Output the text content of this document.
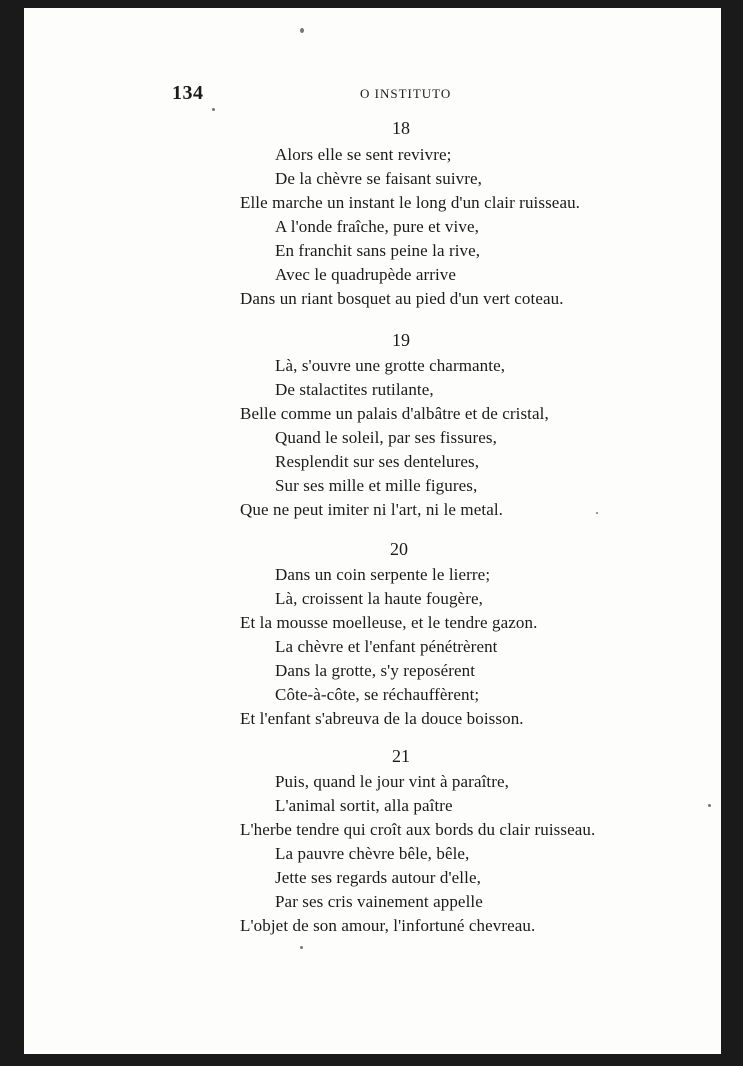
134	O INSTITUTO
18
Alors elle se sent revivre;
De la chèvre se faisant suivre,
Elle marche un instant le long d'un clair ruisseau.
A l'onde fraîche, pure et vive,
En franchit sans peine la rive,
Avec le quadrupède arrive
Dans un riant bosquet au pied d'un vert coteau.
19
Là, s'ouvre une grotte charmante,
De stalactites rutilante,
Belle comme un palais d'albâtre et de cristal,
Quand le soleil, par ses fissures,
Resplendit sur ses dentelures,
Sur ses mille et mille figures,
Que ne peut imiter ni l'art, ni le metal.
20
Dans un coin serpente le lierre;
Là, croissent la haute fougère,
Et la mousse moelleuse, et le tendre gazon.
La chèvre et l'enfant pénétrèrent
Dans la grotte, s'y reposérent
Côte-à-côte, se réchauffèrent;
Et l'enfant s'abreuva de la douce boisson.
21
Puis, quand le jour vint à paraître,
L'animal sortit, alla paître
L'herbe tendre qui croît aux bords du clair ruisseau.
La pauvre chèvre bêle, bêle,
Jette ses regards autour d'elle,
Par ses cris vainement appelle
L'objet de son amour, l'infortuné chevreau.
